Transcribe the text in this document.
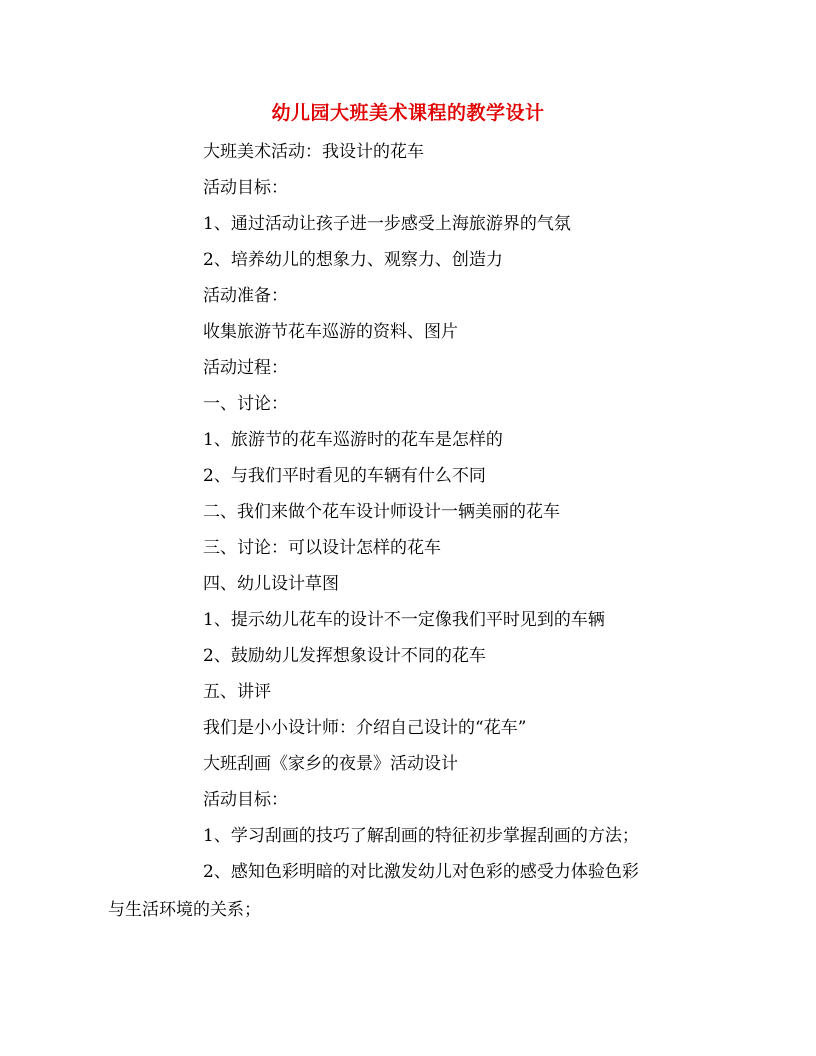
幼儿园大班美术课程的教学设计
大班美术活动：我设计的花车
活动目标：
1、通过活动让孩子进一步感受上海旅游界的气氛
2、培养幼儿的想象力、观察力、创造力
活动准备：
收集旅游节花车巡游的资料、图片
活动过程：
一、讨论：
1、旅游节的花车巡游时的花车是怎样的
2、与我们平时看见的车辆有什么不同
二、我们来做个花车设计师设计一辆美丽的花车
三、讨论：可以设计怎样的花车
四、幼儿设计草图
1、提示幼儿花车的设计不一定像我们平时见到的车辆
2、鼓励幼儿发挥想象设计不同的花车
五、讲评
我们是小小设计师：介绍自己设计的“花车”
大班刮画《家乡的夜景》活动设计
活动目标：
1、学习刮画的技巧了解刮画的特征初步掌握刮画的方法；
2、感知色彩明暗的对比激发幼儿对色彩的感受力体验色彩
与生活环境的关系；
